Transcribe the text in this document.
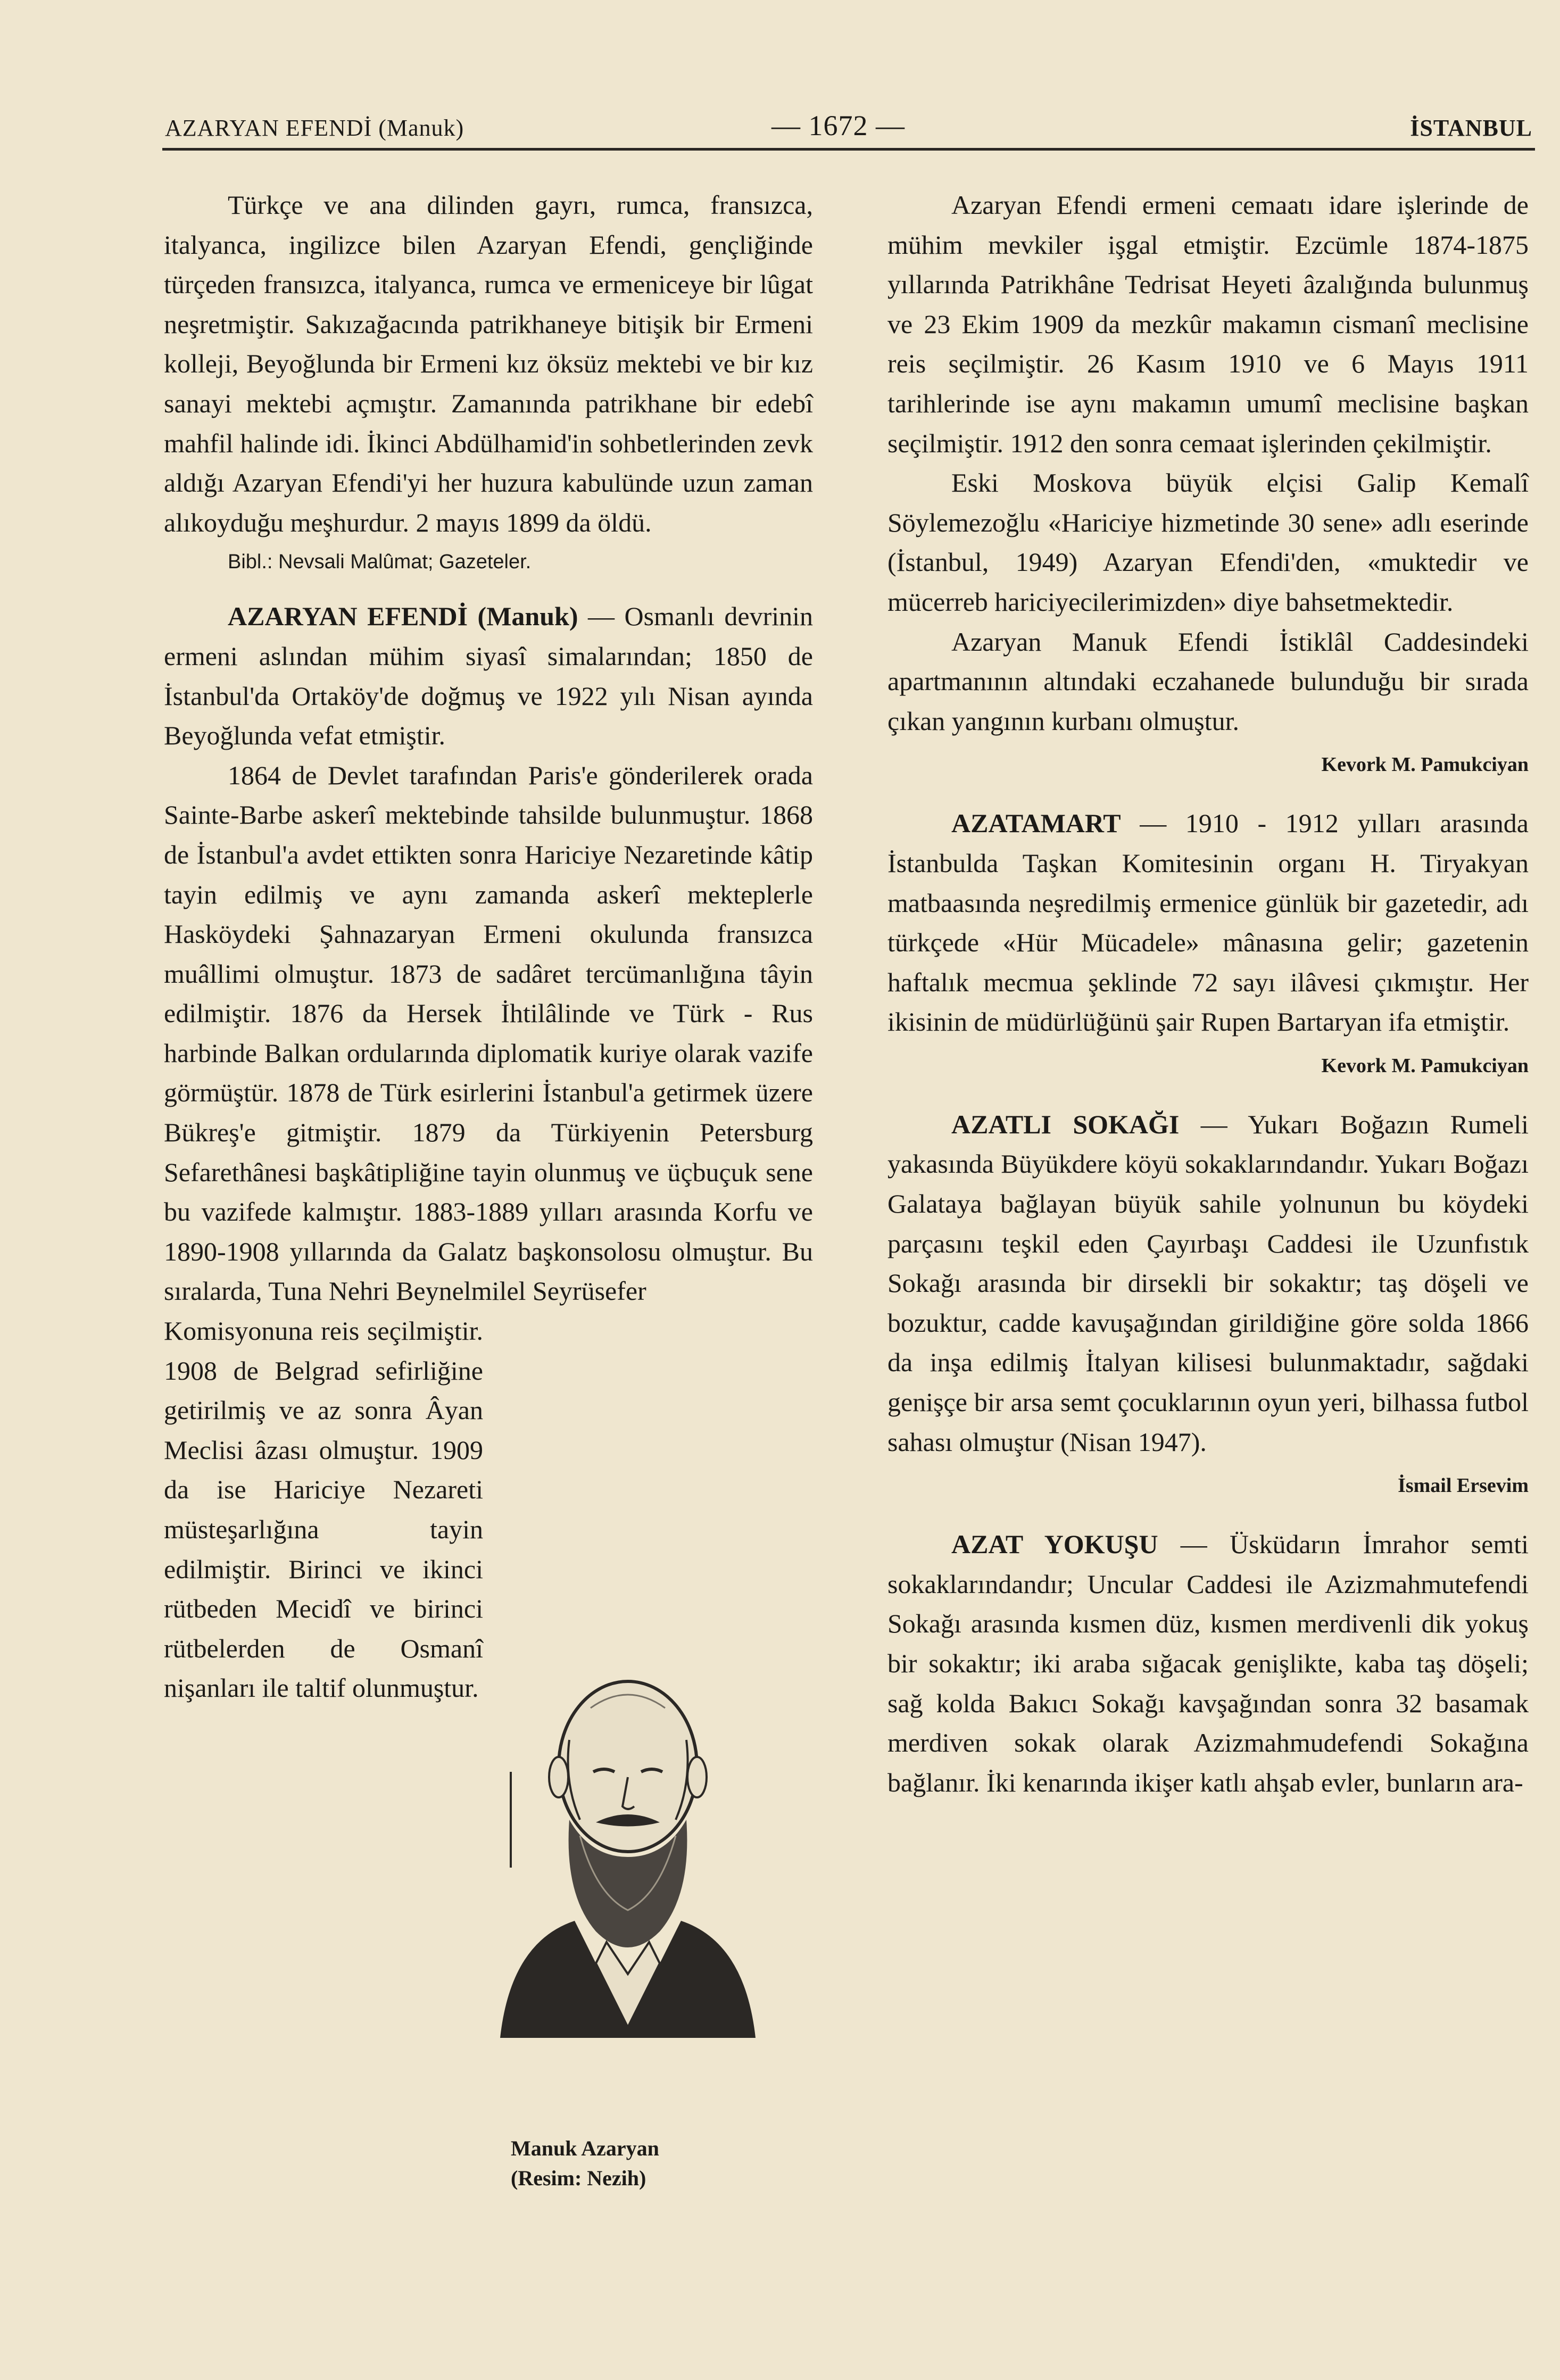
AZARYAN EFENDİ (Manuk)	— 1672 —	İSTANBUL

Türkçe ve ana dilinden gayrı, rumca, fransızca, italyanca, ingilizce bilen Azaryan Efendi, gençliğinde türçeden fransızca, italyanca, rumca ve ermeniceye bir lûgat neşretmiştir. Sakızağacında patrikhaneye bitişik bir Ermeni kolleji, Beyoğlunda bir Ermeni kız öksüz mektebi ve bir kız sanayi mektebi açmıştır. Zamanında patrikhane bir edebî mahfil halinde idi. İkinci Abdülhamid'in sohbetlerinden zevk aldığı Azaryan Efendi'yi her huzura kabulünde uzun zaman alıkoyduğu meşhurdur. 2 mayıs 1899 da öldü.

Bibl.: Nevsali Malûmat; Gazeteler.

AZARYAN EFENDİ (Manuk) — Osmanlı devrinin ermeni aslından mühim siyasî simalarından; 1850 de İstanbul'da Ortaköy'de doğmuş ve 1922 yılı Nisan ayında Beyoğlunda vefat etmiştir.

1864 de Devlet tarafından Paris'e gönderilerek orada Sainte-Barbe askerî mektebinde tahsilde bulunmuştur. 1868 de İstanbul'a avdet ettikten sonra Hariciye Nezaretinde kâtip tayin edilmiş ve aynı zamanda askerî mekteplerle Hasköydeki Şahnazaryan Ermeni okulunda fransızca muâllimi olmuştur. 1873 de sadâret tercümanlığına tâyin edilmiştir. 1876 da Hersek İhtilâlinde ve Türk - Rus harbinde Balkan ordularında diplomatik kuriye olarak vazife görmüştür. 1878 de Türk esirlerini İstanbul'a getirmek üzere Bükreş'e gitmiştir. 1879 da Türkiyenin Petersburg Sefarethânesi başkâtipliğine tayin olunmuş ve üçbuçuk sene bu vazifede kalmıştır. 1883-1889 yılları arasında Korfu ve 1890-1908 yıllarında da Galatz başkonsolosu olmuştur. Bu sıralarda, Tuna Nehri Beynelmilel Seyrüsefer

Komisyonuna reis seçilmiştir. 1908 de Belgrad sefirliğine getirilmiş ve az sonra Âyan Meclisi âzası olmuştur. 1909 da ise Hariciye Nezareti müsteşarlığına tayin edilmiştir. Birinci ve ikinci rütbeden Mecidî ve birinci rütbelerden de Osmanî nişanları ile taltif olunmuştur.

Manuk Azaryan
(Resim: Nezih)

Azaryan Efendi ermeni cemaatı idare işlerinde de mühim mevkiler işgal etmiştir. Ezcümle 1874-1875 yıllarında Patrikhâne Tedrisat Heyeti âzalığında bulunmuş ve 23 Ekim 1909 da mezkûr makamın cismanî meclisine reis seçilmiştir. 26 Kasım 1910 ve 6 Mayıs 1911 tarihlerinde ise aynı makamın umumî meclisine başkan seçilmiştir. 1912 den sonra cemaat işlerinden çekilmiştir.

Eski Moskova büyük elçisi Galip Kemalî Söylemezoğlu «Hariciye hizmetinde 30 sene» adlı eserinde (İstanbul, 1949) Azaryan Efendi'den, «muktedir ve mücerreb hariciyecilerimizden» diye bahsetmektedir.

Azaryan Manuk Efendi İstiklâl Caddesindeki apartmanının altındaki eczahanede bulunduğu bir sırada çıkan yangının kurbanı olmuştur.

Kevork M. Pamukciyan

AZATAMART — 1910 - 1912 yılları arasında İstanbulda Taşkan Komitesinin organı H. Tiryakyan matbaasında neşredilmiş ermenice günlük bir gazetedir, adı türkçede «Hür Mücadele» mânasına gelir; gazetenin haftalık mecmua şeklinde 72 sayı ilâvesi çıkmıştır. Her ikisinin de müdürlüğünü şair Rupen Bartaryan ifa etmiştir.

Kevork M. Pamukciyan

AZATLI SOKAĞI — Yukarı Boğazın Rumeli yakasında Büyükdere köyü sokaklarındandır. Yukarı Boğazı Galataya bağlayan büyük sahile yolnunun bu köydeki parçasını teşkil eden Çayırbaşı Caddesi ile Uzunfıstık Sokağı arasında bir dirsekli bir sokaktır; taş döşeli ve bozuktur, cadde kavuşağından girildiğine göre solda 1866 da inşa edilmiş İtalyan kilisesi bulunmaktadır, sağdaki genişçe bir arsa semt çocuklarının oyun yeri, bilhassa futbol sahası olmuştur (Nisan 1947).

İsmail Ersevim

AZAT YOKUŞU — Üsküdarın İmrahor semti sokaklarındandır; Uncular Caddesi ile Azizmahmutefendi Sokağı arasında kısmen düz, kısmen merdivenli dik yokuş bir sokaktır; iki araba sığacak genişlikte, kaba taş döşeli; sağ kolda Bakıcı Sokağı kavşağından sonra 32 basamak merdiven sokak olarak Azizmahmudefendi Sokağına bağlanır. İki kenarında ikişer katlı ahşab evler, bunların ara-
